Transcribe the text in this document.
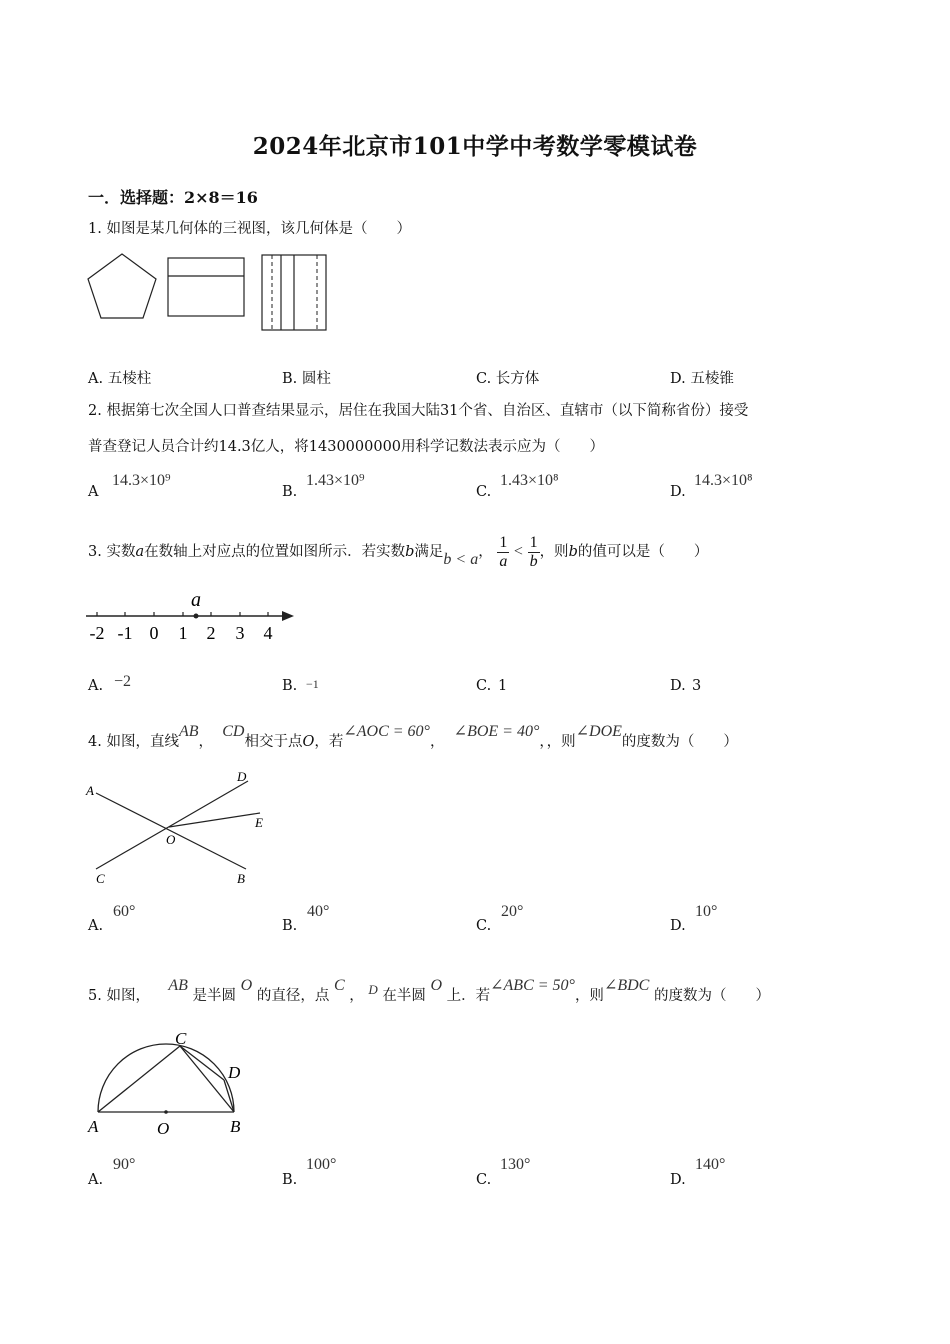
2024年北京市101中学中考数学零模试卷
一．选择题：2×8＝16
1. 如图是某几何体的三视图，该几何体是（　　）
A. 五棱柱	B. 圆柱	C. 长方体	D. 五棱锥
2. 根据第七次全国人口普查结果显示，居住在我国大陆31个省、自治区、直辖市（以下简称省份）接受
普查登记人员合计约14.3亿人，将1430000000用科学记数法表示应为（　　）
A
14.3×10⁹
B.
1.43×10⁹
C.
1.43×10⁸
D.
14.3×10⁸
3. 实数a在数轴上对应点的位置如图所示．若实数b满足b < a， $\frac{1}{a} < \frac{1}{b}$ ，则b的值可以是（　　）
a
-2 -1 0 1 2 3 4
A. −2	B. −1	C. 1	D. 3
4. 如图，直线AB，  CD相交于点O，若∠AOC = 60°，  ∠BOE = 40°，，则∠DOE的度数为（　　）
A
D
E
O
C	B
A.
60°
B.
40°
C.
20°
D.
10°
5. 如图，    AB 是半圆 O 的直径，点 C ， D 在半圆 O 上．若∠ABC = 50°，则∠BDC 的度数为（　　）
C
D
A	O	B
A.
90°
B.
100°
C.
130°
D.
140°
